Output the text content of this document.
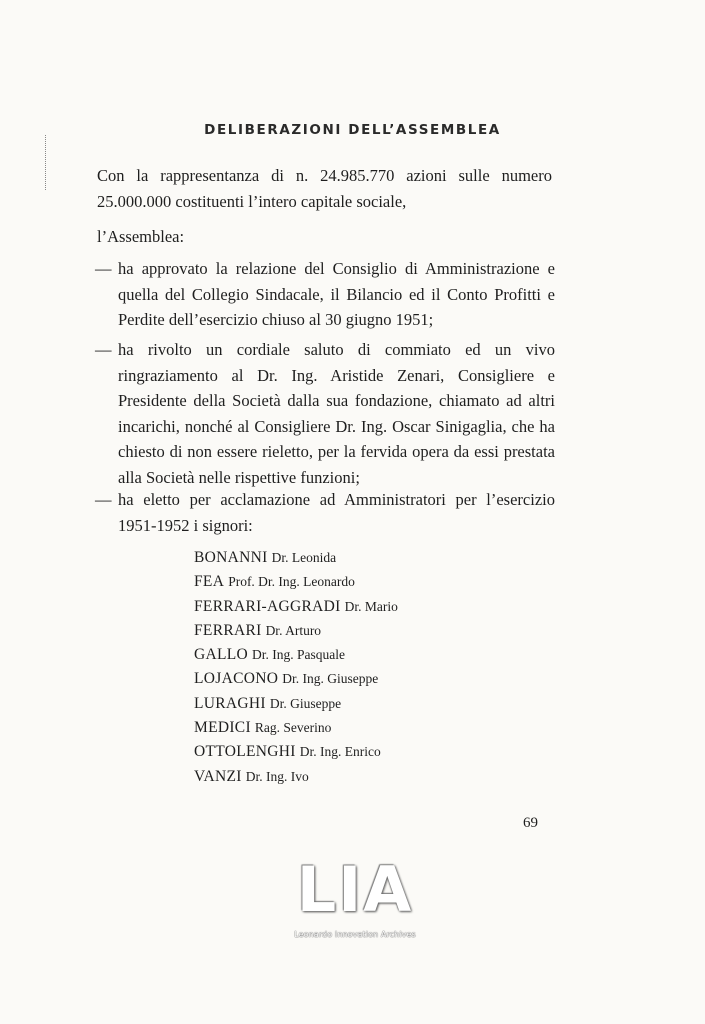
DELIBERAZIONI DELL’ASSEMBLEA
Con la rappresentanza di n. 24.985.770 azioni sulle numero 25.000.000 costituenti l’intero capitale sociale,
l’Assemblea:
— ha approvato la relazione del Consiglio di Amministrazione e quella del Collegio Sindacale, il Bilancio ed il Conto Profitti e Perdite dell’esercizio chiuso al 30 giugno 1951;
— ha rivolto un cordiale saluto di commiato ed un vivo ringraziamento al Dr. Ing. Aristide Zenari, Consigliere e Presidente della Società dalla sua fondazione, chiamato ad altri incarichi, nonché al Consigliere Dr. Ing. Oscar Sinigaglia, che ha chiesto di non essere rieletto, per la fervida opera da essi prestata alla Società nelle rispettive funzioni;
— ha eletto per acclamazione ad Amministratori per l’esercizio 1951-1952 i signori:
BONANNI Dr. Leonida
FEA Prof. Dr. Ing. Leonardo
FERRARI-AGGRADI Dr. Mario
FERRARI Dr. Arturo
GALLO Dr. Ing. Pasquale
LOJACONO Dr. Ing. Giuseppe
LURAGHI Dr. Giuseppe
MEDICI Rag. Severino
OTTOLENGHI Dr. Ing. Enrico
VANZI Dr. Ing. Ivo
69
LIA
Leonardo Innovation Archives
